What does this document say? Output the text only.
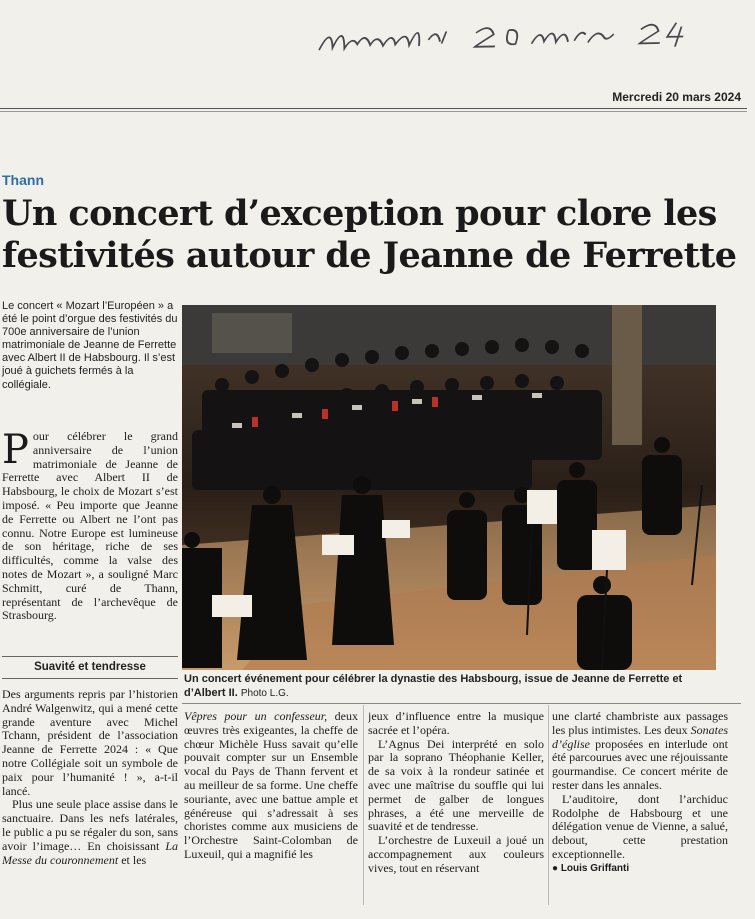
Mercredi 20 mars 2024
Thann
Un concert d’exception pour clore les festivités autour de Jeanne de Ferrette
Le concert « Mozart l’Européen » a été le point d’orgue des festivités du 700e anniversaire de l’union matrimoniale de Jeanne de Ferrette avec Albert II de Habsbourg. Il s’est joué à guichets fermés à la collégiale.

Pour célébrer le grand anniversaire de l’union matrimoniale de Jeanne de Ferrette avec Albert II de Habsbourg, le choix de Mozart s’est imposé. « Peu importe que Jeanne de Ferrette ou Albert ne l’ont pas connu. Notre Europe est lumineuse de son héritage, riche de ses difficultés, comme la valse des notes de Mozart », a souligné Marc Schmitt, curé de Thann, représentant de l’archevêque de Strasbourg.

Suavité et tendresse

Des arguments repris par l’historien André Walgenwitz, qui a mené cette grande aventure avec Michel Tchann, président de l’association Jeanne de Ferrette 2024 : « Que notre Collégiale soit un symbole de paix pour l’humanité ! », a-t-il lancé.

Plus une seule place assise dans le sanctuaire. Dans les nefs latérales, le public a pu se régaler du son, sans avoir l’image… En choisissant La Messe du couronnement et les

Un concert événement pour célébrer la dynastie des Habsbourg, issue de Jeanne de Ferrette et d’Albert II. Photo L.G.

Vêpres pour un confesseur, deux œuvres très exigeantes, la cheffe de chœur Michèle Huss savait qu’elle pouvait compter sur un Ensemble vocal du Pays de Thann fervent et au meilleur de sa forme. Une cheffe souriante, avec une battue ample et généreuse qui s’adressait à ses choristes comme aux musiciens de l’Orchestre Saint-Colomban de Luxeuil, qui a magnifié les

jeux d’influence entre la musique sacrée et l’opéra.

L’Agnus Dei interprété en solo par la soprano Théophanie Keller, de sa voix à la rondeur satinée et avec une maîtrise du souffle qui lui permet de galber de longues phrases, a été une merveille de suavité et de tendresse.

L’orchestre de Luxeuil a joué un accompagnement aux couleurs vives, tout en réservant

une clarté chambriste aux passages les plus intimistes. Les deux Sonates d’église proposées en interlude ont été parcourues avec une réjouissante gourmandise. Ce concert mérite de rester dans les annales.

L’auditoire, dont l’archiduc Rodolphe de Habsbourg et une délégation venue de Vienne, a salué, debout, cette prestation exceptionnelle.

● Louis Griffanti
